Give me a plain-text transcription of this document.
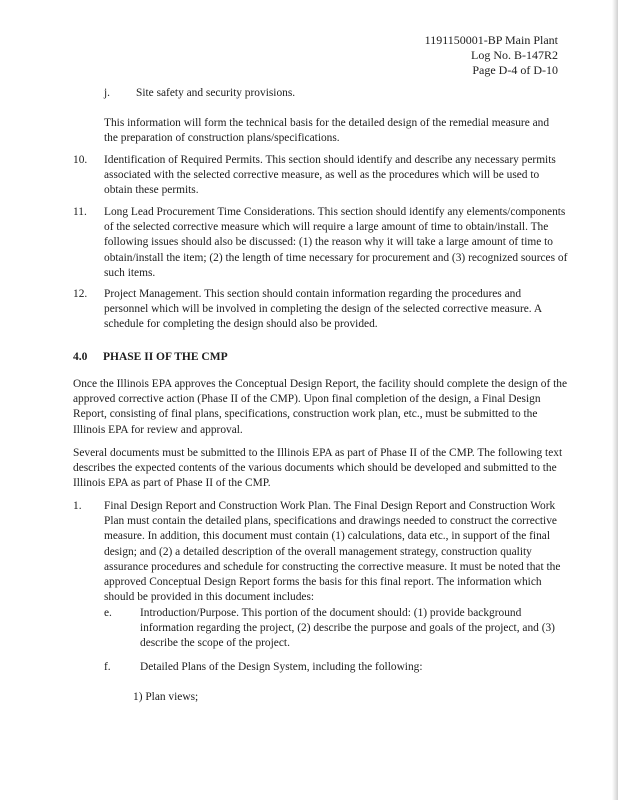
1191150001-BP Main Plant
Log No. B-147R2
Page D-4 of D-10
j. Site safety and security provisions.
This information will form the technical basis for the detailed design of the remedial measure and the preparation of construction plans/specifications.
10. Identification of Required Permits. This section should identify and describe any necessary permits associated with the selected corrective measure, as well as the procedures which will be used to obtain these permits.
11. Long Lead Procurement Time Considerations. This section should identify any elements/components of the selected corrective measure which will require a large amount of time to obtain/install. The following issues should also be discussed: (1) the reason why it will take a large amount of time to obtain/install the item; (2) the length of time necessary for procurement and (3) recognized sources of such items.
12. Project Management. This section should contain information regarding the procedures and personnel which will be involved in completing the design of the selected corrective measure. A schedule for completing the design should also be provided.
4.0 PHASE II OF THE CMP
Once the Illinois EPA approves the Conceptual Design Report, the facility should complete the design of the approved corrective action (Phase II of the CMP). Upon final completion of the design, a Final Design Report, consisting of final plans, specifications, construction work plan, etc., must be submitted to the Illinois EPA for review and approval.
Several documents must be submitted to the Illinois EPA as part of Phase II of the CMP. The following text describes the expected contents of the various documents which should be developed and submitted to the Illinois EPA as part of Phase II of the CMP.
1. Final Design Report and Construction Work Plan. The Final Design Report and Construction Work Plan must contain the detailed plans, specifications and drawings needed to construct the corrective measure. In addition, this document must contain (1) calculations, data etc., in support of the final design; and (2) a detailed description of the overall management strategy, construction quality assurance procedures and schedule for constructing the corrective measure. It must be noted that the approved Conceptual Design Report forms the basis for this final report. The information which should be provided in this document includes:
e. Introduction/Purpose. This portion of the document should: (1) provide background information regarding the project, (2) describe the purpose and goals of the project, and (3) describe the scope of the project.
f.	Detailed Plans of the Design System, including the following:
1) Plan views;
